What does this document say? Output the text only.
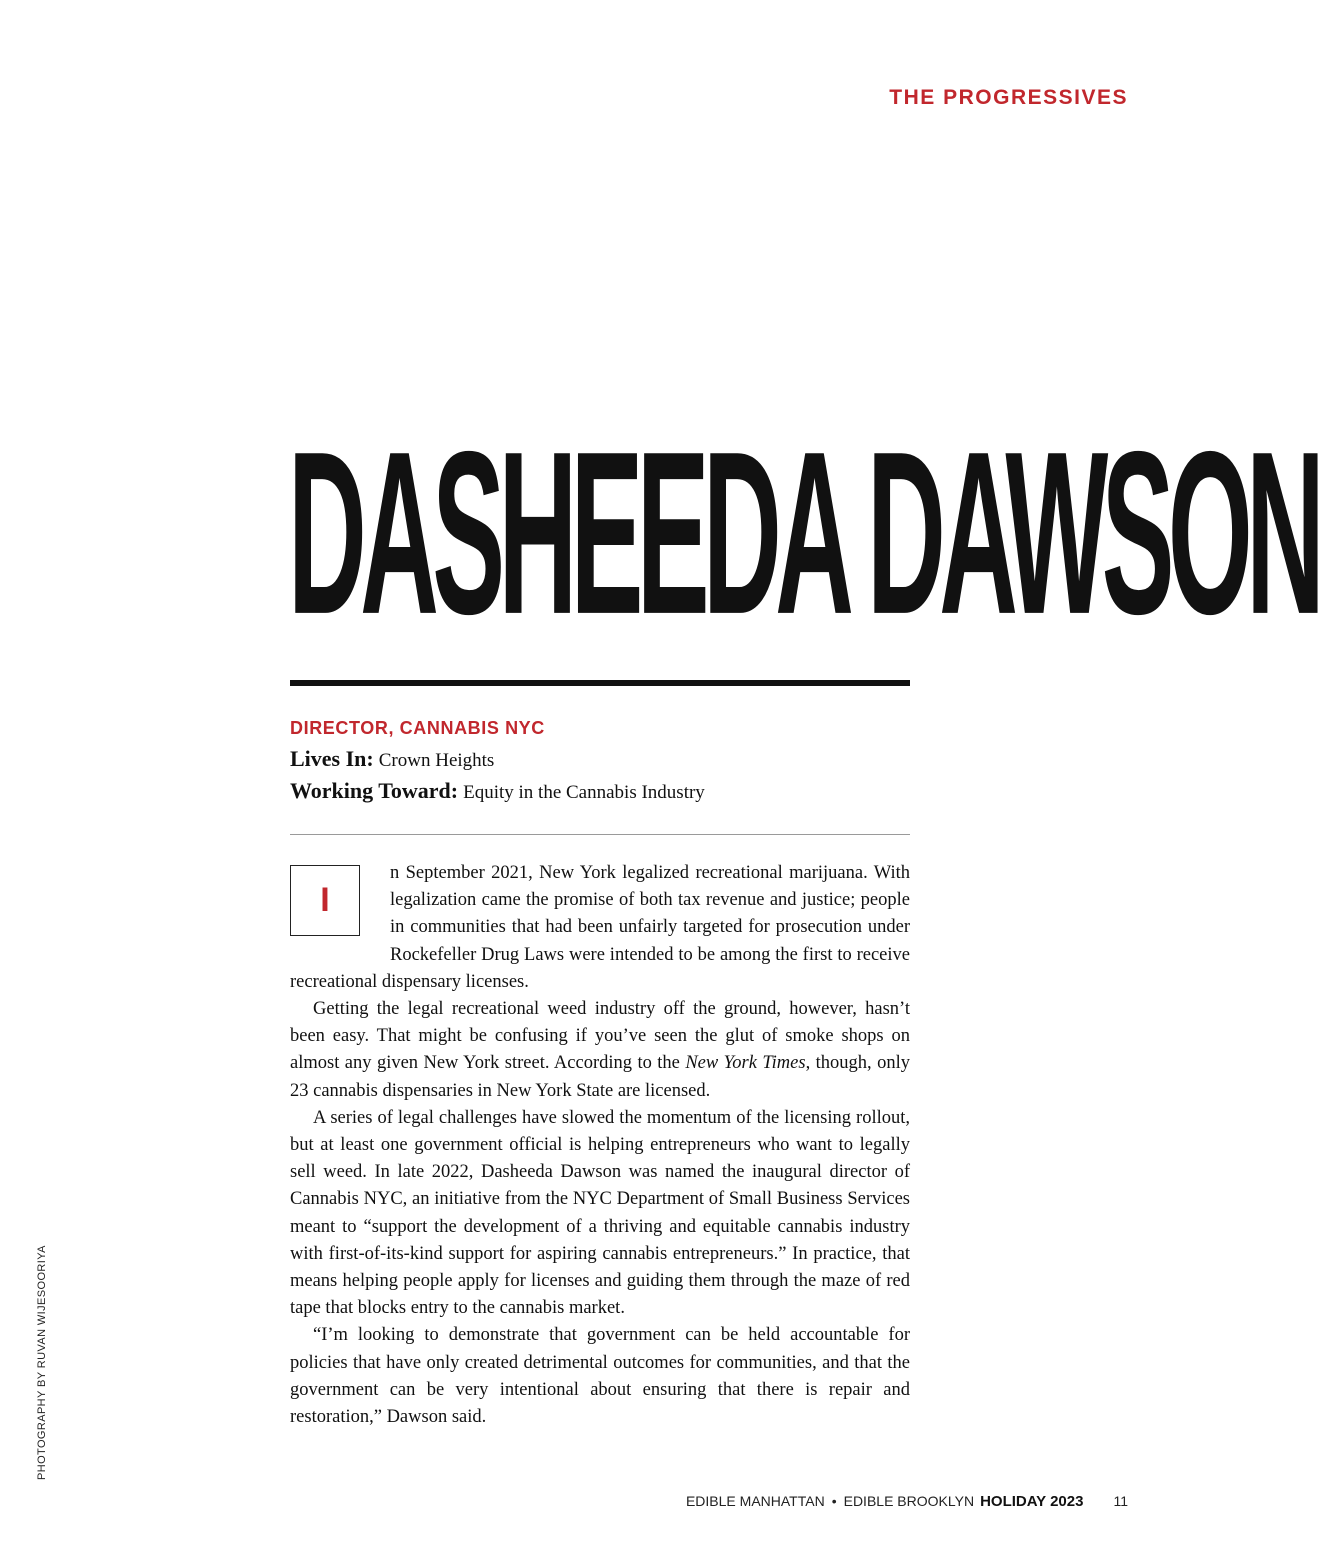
THE PROGRESSIVES

DASHEEDA DAWSON

DIRECTOR, CANNABIS NYC

Lives In: Crown Heights

Working Toward: Equity in the Cannabis Industry

I

n September 2021, New York legalized recreational marijuana. With legalization came the promise of both tax revenue and justice; people in communities that had been unfairly targeted for prosecution under Rockefeller Drug Laws were intended to be among the first to receive recreational dispensary licenses.

Getting the legal recreational weed industry off the ground, however, hasn’t been easy. That might be confusing if you’ve seen the glut of smoke shops on almost any given New York street. According to the New York Times, though, only 23 cannabis dispensaries in New York State are licensed.

A series of legal challenges have slowed the momentum of the licensing rollout, but at least one government official is helping entrepreneurs who want to legally sell weed. In late 2022, Dasheeda Dawson was named the inaugural director of Cannabis NYC, an initiative from the NYC Department of Small Business Services meant to “support the development of a thriving and equitable cannabis industry with first-of-its-kind support for aspiring cannabis entrepreneurs.” In practice, that means helping people apply for licenses and guiding them through the maze of red tape that blocks entry to the cannabis market.

“I’m looking to demonstrate that government can be held accountable for policies that have only created detrimental outcomes for communities, and that the government can be very intentional about ensuring that there is repair and restoration,” Dawson said.

PHOTOGRAPHY BY RUVAN WIJESOORIYA

EDIBLE MANHATTAN • EDIBLE BROOKLYN HOLIDAY 2023 11
